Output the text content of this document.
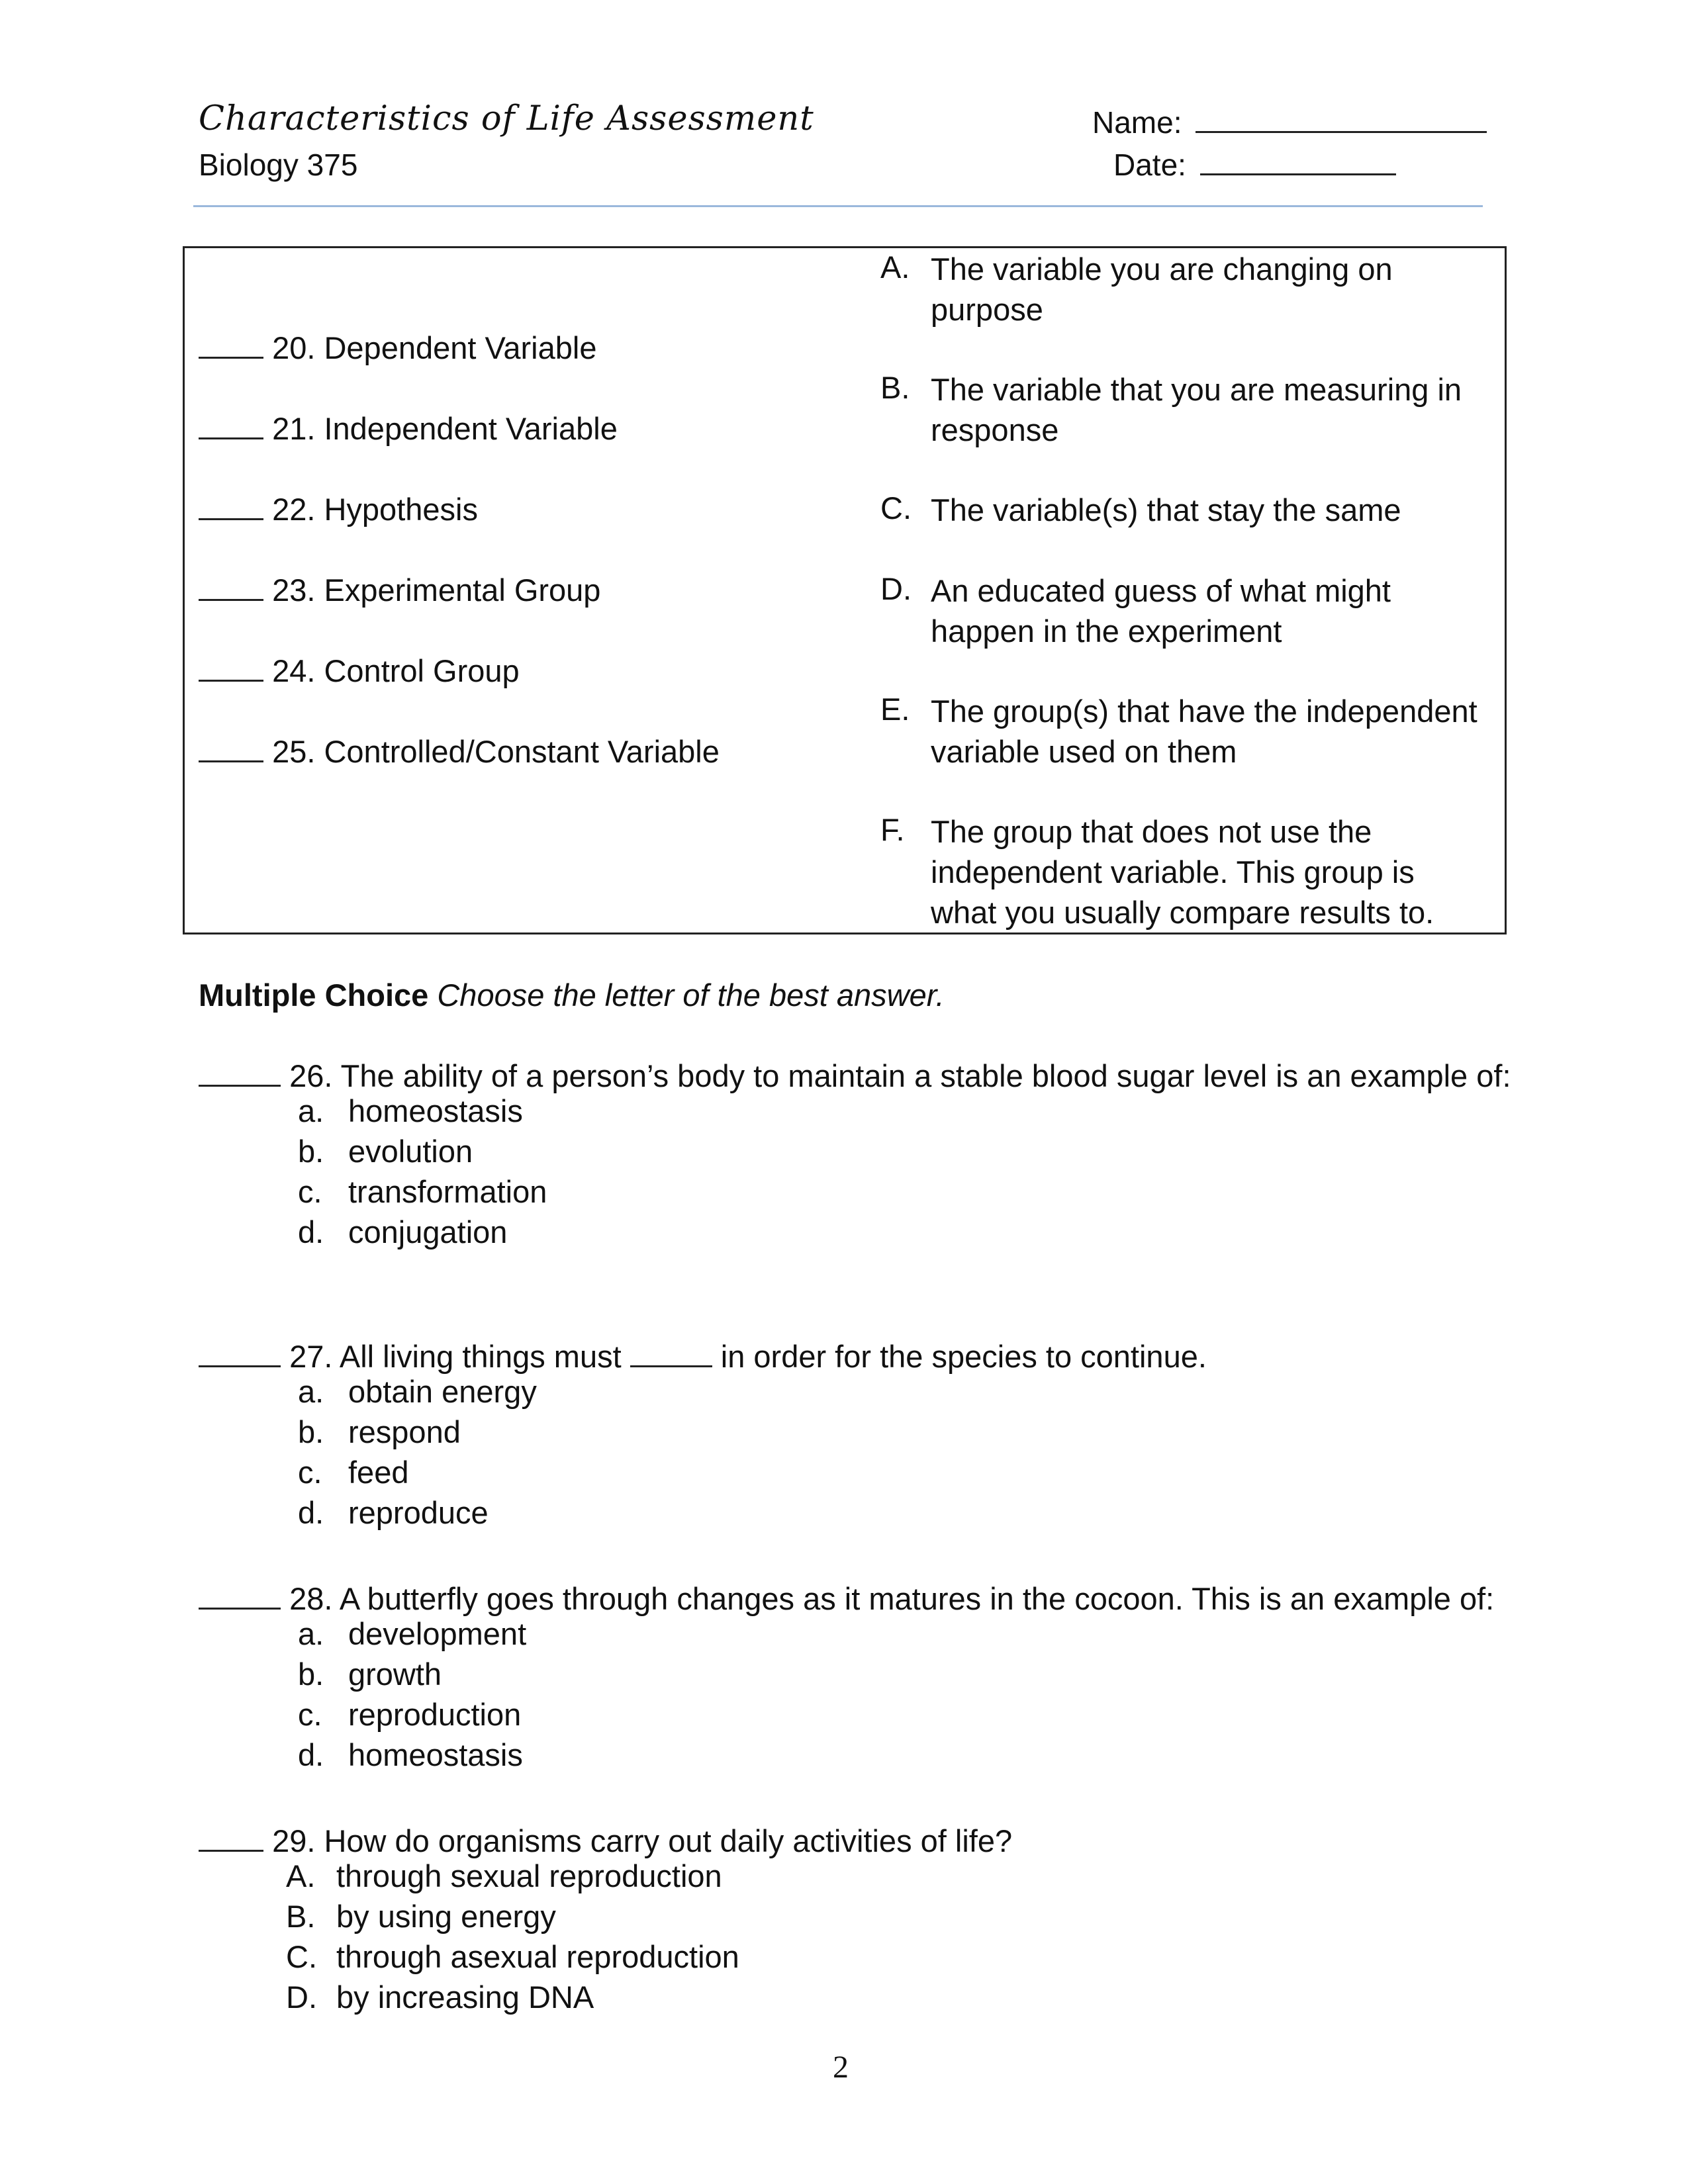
Characteristics of Life Assessment
Biology 375
Name:
Date:
20. Dependent Variable
21. Independent Variable
22. Hypothesis
23. Experimental Group
24. Control Group
25. Controlled/Constant Variable
A. The variable you are changing on purpose
B. The variable that you are measuring in response
C. The variable(s) that stay the same
D. An educated guess of what might happen in the experiment
E. The group(s) that have the independent variable used on them
F. The group that does not use the independent variable. This group is what you usually compare results to.
Multiple Choice Choose the letter of the best answer.
26. The ability of a person’s body to maintain a stable blood sugar level is an example of:
a. homeostasis
b. evolution
c. transformation
d. conjugation
27. All living things must	in order for the species to continue.
a. obtain energy
b. respond
c. feed
d. reproduce
28. A butterfly goes through changes as it matures in the cocoon. This is an example of:
a. development
b. growth
c. reproduction
d. homeostasis
29. How do organisms carry out daily activities of life?
A. through sexual reproduction
B. by using energy
C. through asexual reproduction
D. by increasing DNA
2
